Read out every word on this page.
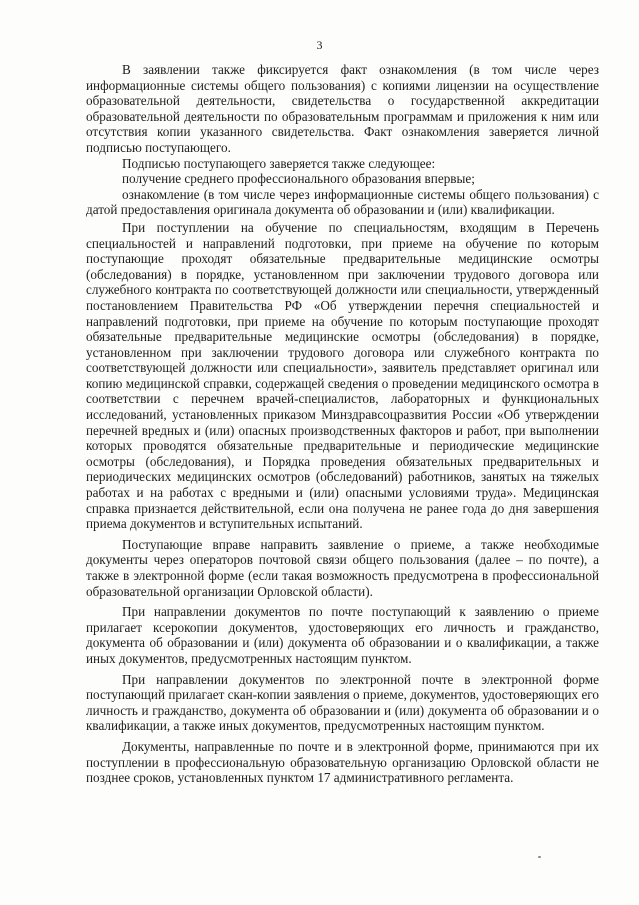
3

В заявлении также фиксируется факт ознакомления (в том числе через информационные системы общего пользования) с копиями лицензии на осуществление образовательной деятельности, свидетельства о государственной аккредитации образовательной деятельности по образовательным программам и приложения к ним или отсутствия копии указанного свидетельства. Факт ознакомления заверяется личной подписью поступающего.

Подписью поступающего заверяется также следующее:

получение среднего профессионального образования впервые;

ознакомление (в том числе через информационные системы общего пользования) с датой предоставления оригинала документа об образовании и (или) квалификации.

При поступлении на обучение по специальностям, входящим в Перечень специальностей и направлений подготовки, при приеме на обучение по которым поступающие проходят обязательные предварительные медицинские осмотры (обследования) в порядке, установленном при заключении трудового договора или служебного контракта по соответствующей должности или специальности, утвержденный постановлением Правительства РФ «Об утверждении перечня специальностей и направлений подготовки, при приеме на обучение по которым поступающие проходят обязательные предварительные медицинские осмотры (обследования) в порядке, установленном при заключении трудового договора или служебного контракта по соответствующей должности или специальности», заявитель представляет оригинал или копию медицинской справки, содержащей сведения о проведении медицинского осмотра в соответствии с перечнем врачей-специалистов, лабораторных и функциональных исследований, установленных приказом Минздравсоцразвития России «Об утверждении перечней вредных и (или) опасных производственных факторов и работ, при выполнении которых проводятся обязательные предварительные и периодические медицинские осмотры (обследования), и Порядка проведения обязательных предварительных и периодических медицинских осмотров (обследований) работников, занятых на тяжелых работах и на работах с вредными и (или) опасными условиями труда». Медицинская справка признается действительной, если она получена не ранее года до дня завершения приема документов и вступительных испытаний.

Поступающие вправе направить заявление о приеме, а также необходимые документы через операторов почтовой связи общего пользования (далее – по почте), а также в электронной форме (если такая возможность предусмотрена в профессиональной образовательной организации Орловской области).

При направлении документов по почте поступающий к заявлению о приеме прилагает ксерокопии документов, удостоверяющих его личность и гражданство, документа об образовании и (или) документа об образовании и о квалификации, а также иных документов, предусмотренных настоящим пунктом.

При направлении документов по электронной почте в электронной форме поступающий прилагает скан-копии заявления о приеме, документов, удостоверяющих его личность и гражданство, документа об образовании и (или) документа об образовании и о квалификации, а также иных документов, предусмотренных настоящим пунктом.

Документы, направленные по почте и в электронной форме, принимаются при их поступлении в профессиональную образовательную организацию Орловской области не позднее сроков, установленных пунктом 17 административного регламента.
